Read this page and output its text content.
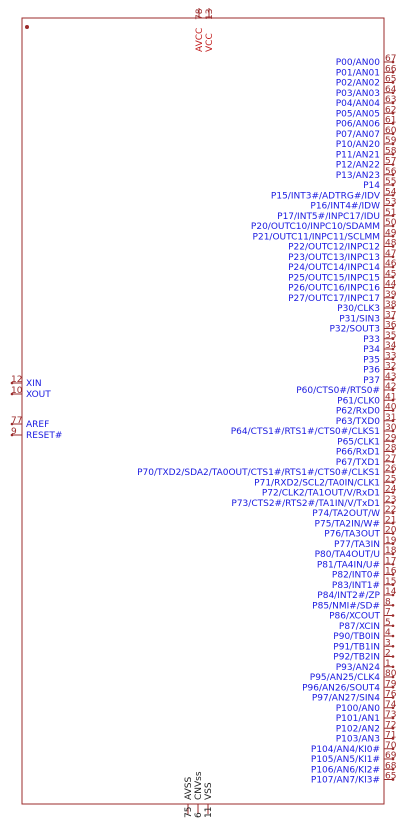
P00/AN00 67
P01/AN01 66
P02/AN02 65
P03/AN03 64
P04/AN04 63
P05/AN05 62
P06/AN06 61
P07/AN07 60
P10/AN20 59
P11/AN21 58
P12/AN22 57
P13/AN23 56
P14 55
P15/INT3#/ADTRG#/IDV 54
P16/INT4#/IDW 53
P17/INT5#/INPC17/IDU 51
P20/OUTC10/INPC10/SDAMM 50
P21/OUTC11/INPC11/SCLMM 49
P22/OUTC12/INPC12 48
P23/OUTC13/INPC13 47
P24/OUTC14/INPC14 46
P25/OUTC15/INPC15 45
P26/OUTC16/INPC16 44
P27/OUTC17/INPC17 39
P30/CLK3 38
P31/SIN3 37
P32/SOUT3 36
P33 35
P34 34
P35 33
P36 32
P37 43
P60/CTS0#/RTS0# 42
P61/CLK0 41
P62/RxD0 40
P63/TXD0 31
P64/CTS1#/RTS1#/CTS0#/CLKS1 30
P65/CLK1 29
P66/RxD1 28
P67/TXD1 27
P70/TXD2/SDA2/TA0OUT/CTS1#/RTS1#/CTS0#/CLKS1 26
P71/RXD2/SCL2/TA0IN/CLK1 25
P72/CLK2/TA1OUT/V/RxD1 24
P73/CTS2#/RTS2#/TA1IN/V/TxD1 23
P74/TA2OUT/W 22
P75/TA2IN/W# 21
P76/TA3OUT 20
P77/TA3IN 19
P80/TA4OUT/U 18
P81/TA4IN/U# 17
P82/INT0# 16
P83/INT1# 15
P84/INT2#/ZP 14
P85/NMI#/SD# 8
P86/XCOUT 7
P87/XCIN 5
P90/TB0IN 4
P91/TB1IN 3
P92/TB2IN 2
P93/AN24 1
P95/AN25/CLK4 80
P96/AN26/SOUT4 79
P97/AN27/SIN4 76
P100/AN0 74
P101/AN1 73
P102/AN2 72
P103/AN3 71
P104/AN4/KI0# 70
P105/AN5/KI1# 69
P106/AN6/KI2# 68
P107/AN7/KI3# 65
XIN
12
XOUT
10
AREF
77
RESET#
9
AVCC
78
VCC
13
AVSS
75
CNVss
6
VSS
11
